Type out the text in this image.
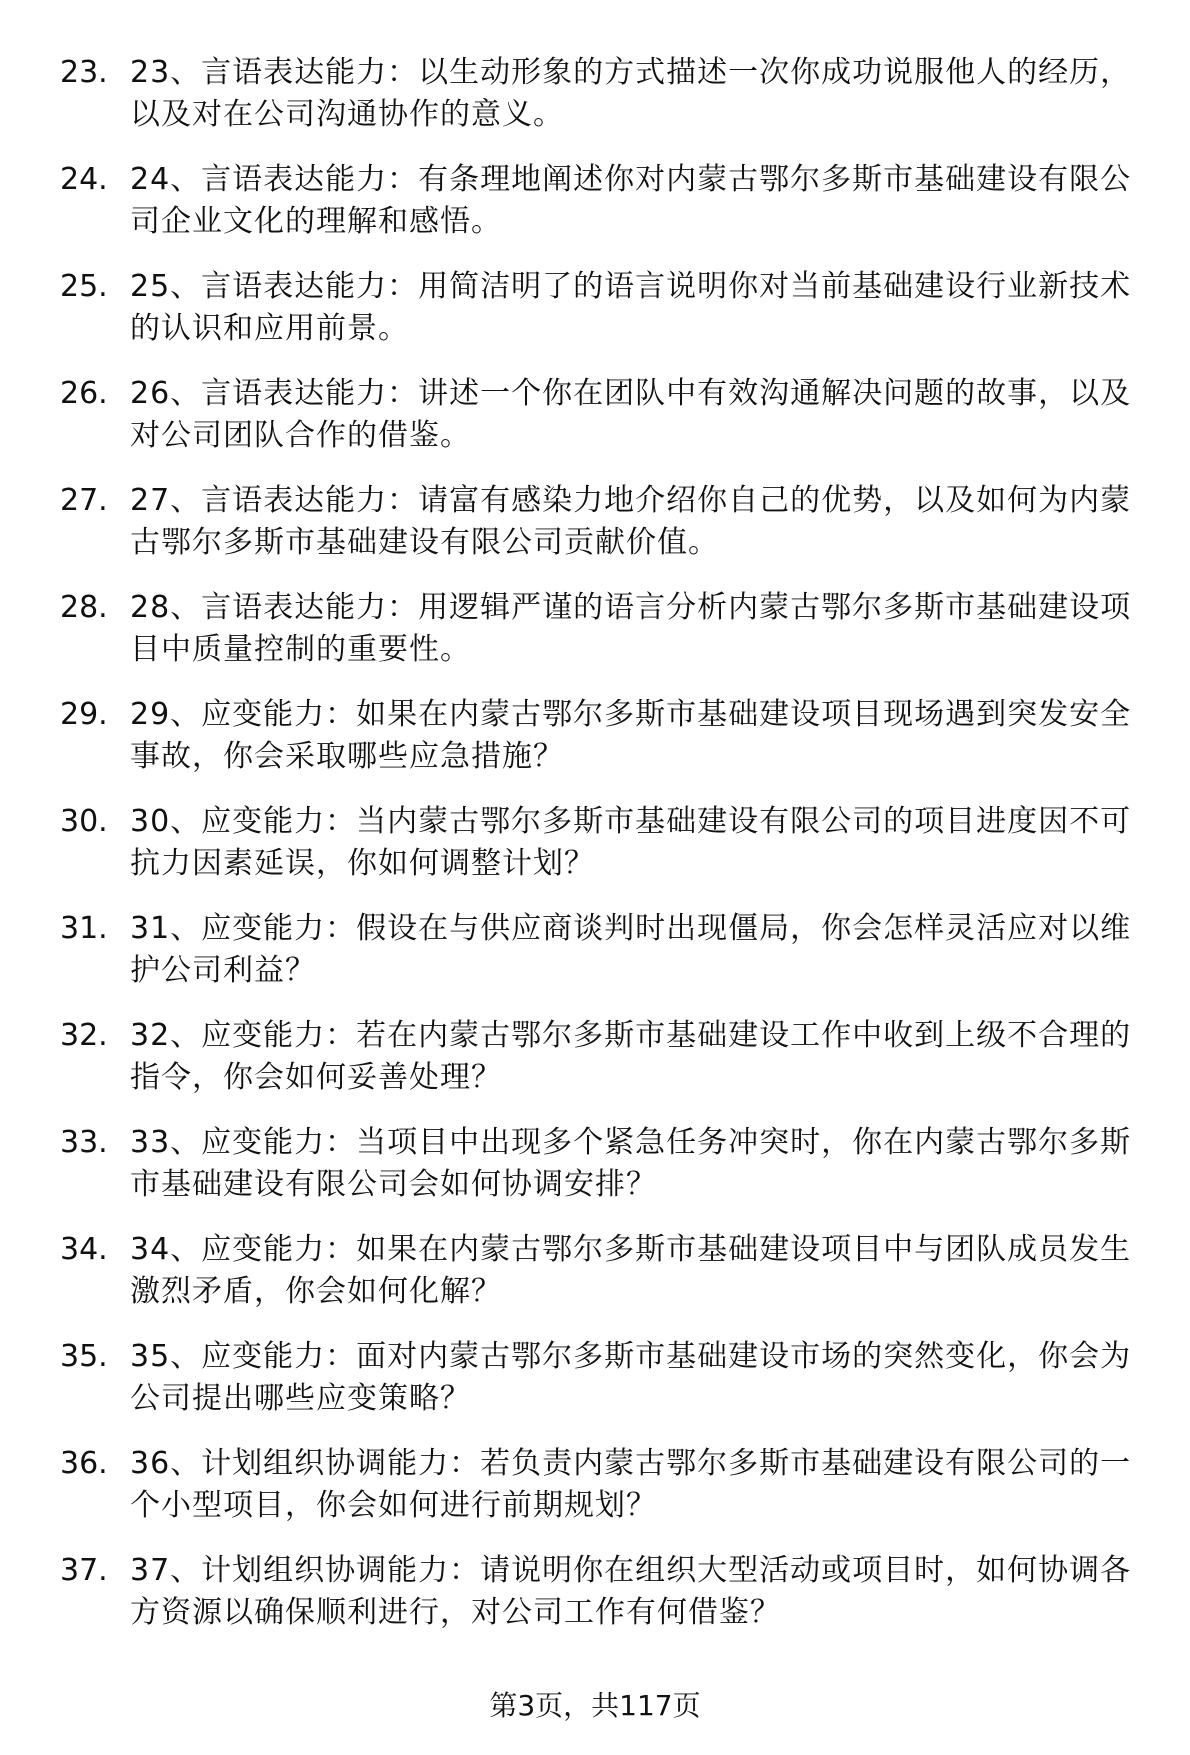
23. 23、言语表达能力：以生动形象的方式描述一次你成功说服他人的经历，以及对在公司沟通协作的意义。
24. 24、言语表达能力：有条理地阐述你对内蒙古鄂尔多斯市基础建设有限公司企业文化的理解和感悟。
25. 25、言语表达能力：用简洁明了的语言说明你对当前基础建设行业新技术的认识和应用前景。
26. 26、言语表达能力：讲述一个你在团队中有效沟通解决问题的故事，以及对公司团队合作的借鉴。
27. 27、言语表达能力：请富有感染力地介绍你自己的优势，以及如何为内蒙古鄂尔多斯市基础建设有限公司贡献价值。
28. 28、言语表达能力：用逻辑严谨的语言分析内蒙古鄂尔多斯市基础建设项目中质量控制的重要性。
29. 29、应变能力：如果在内蒙古鄂尔多斯市基础建设项目现场遇到突发安全事故，你会采取哪些应急措施？
30. 30、应变能力：当内蒙古鄂尔多斯市基础建设有限公司的项目进度因不可抗力因素延误，你如何调整计划？
31. 31、应变能力：假设在与供应商谈判时出现僵局，你会怎样灵活应对以维护公司利益？
32. 32、应变能力：若在内蒙古鄂尔多斯市基础建设工作中收到上级不合理的指令，你会如何妥善处理？
33. 33、应变能力：当项目中出现多个紧急任务冲突时，你在内蒙古鄂尔多斯市基础建设有限公司会如何协调安排？
34. 34、应变能力：如果在内蒙古鄂尔多斯市基础建设项目中与团队成员发生激烈矛盾，你会如何化解？
35. 35、应变能力：面对内蒙古鄂尔多斯市基础建设市场的突然变化，你会为公司提出哪些应变策略？
36. 36、计划组织协调能力：若负责内蒙古鄂尔多斯市基础建设有限公司的一个小型项目，你会如何进行前期规划？
37. 37、计划组织协调能力：请说明你在组织大型活动或项目时，如何协调各方资源以确保顺利进行，对公司工作有何借鉴？
第3页，共117页
